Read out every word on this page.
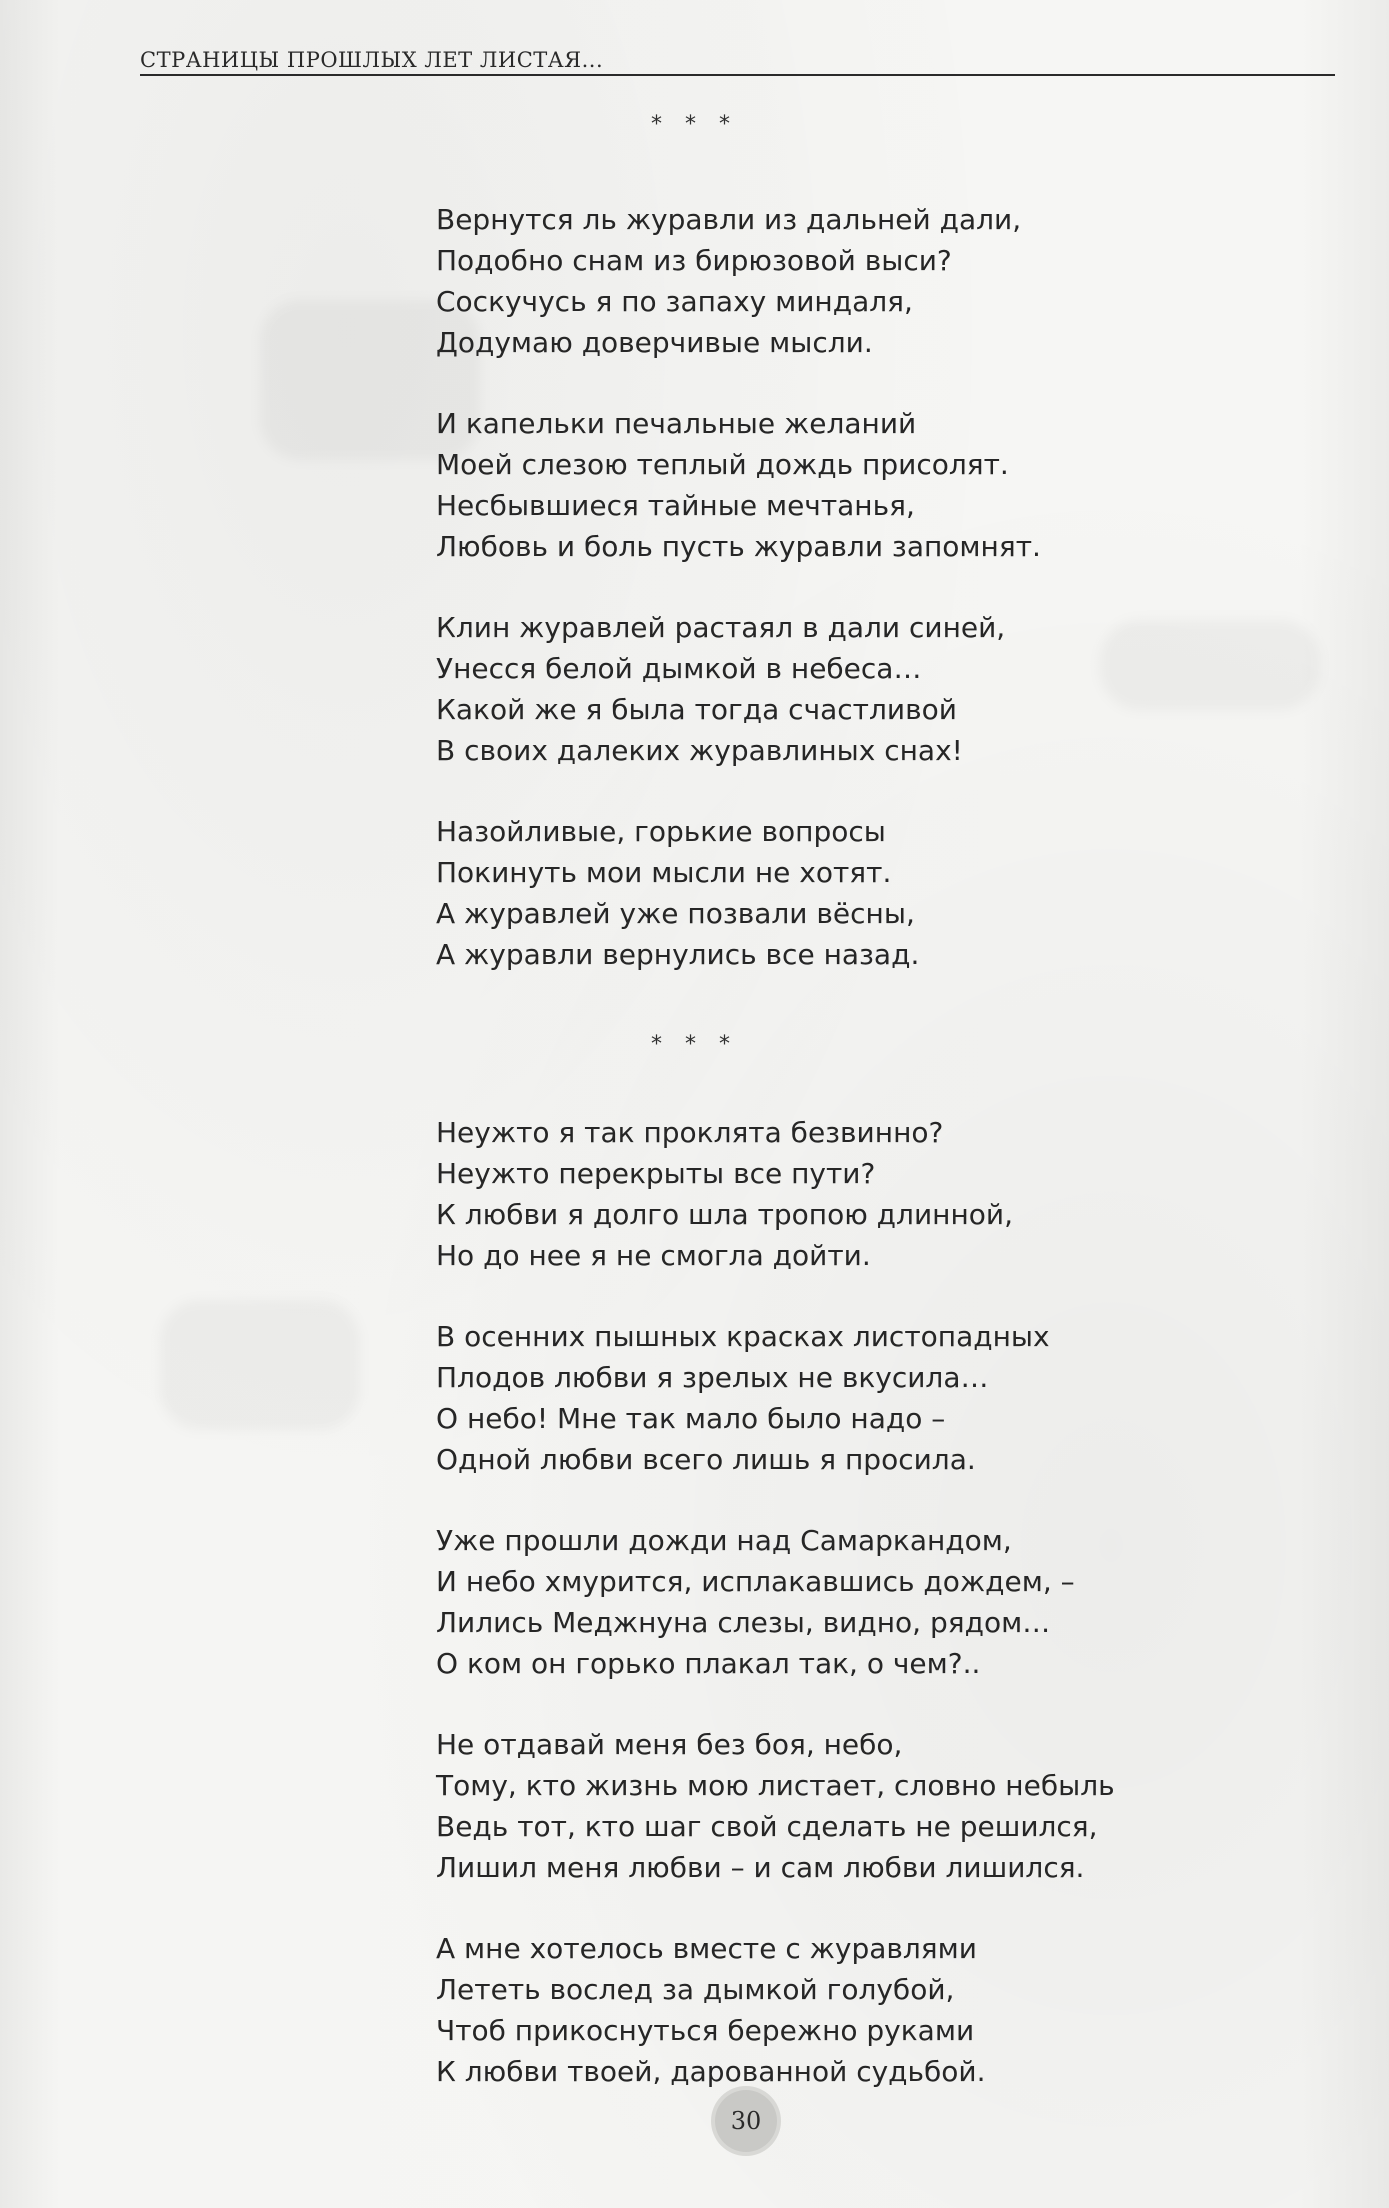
СТРАНИЦЫ ПРОШЛЫХ ЛЕТ ЛИСТАЯ...
* * *
Вернутся ль журавли из дальней дали,
Подобно снам из бирюзовой выси?
Соскучусь я по запаху миндаля,
Додумаю доверчивые мысли.
И капельки печальные желаний
Моей слезою теплый дождь присолят.
Несбывшиеся тайные мечтанья,
Любовь и боль пусть журавли запомнят.
Клин журавлей растаял в дали синей,
Унесся белой дымкой в небеса…
Какой же я была тогда счастливой
В своих далеких журавлиных снах!
Назойливые, горькие вопросы
Покинуть мои мысли не хотят.
А журавлей уже позвали вёсны,
А журавли вернулись все назад.
* * *
Неужто я так проклята безвинно?
Неужто перекрыты все пути?
К любви я долго шла тропою длинной,
Но до нее я не смогла дойти.
В осенних пышных красках листопадных
Плодов любви я зрелых не вкусила…
О небо! Мне так мало было надо –
Одной любви всего лишь я просила.
Уже прошли дожди над Самаркандом,
И небо хмурится, исплакавшись дождем, –
Лились Меджнуна слезы, видно, рядом…
О ком он горько плакал так, о чем?..
Не отдавай меня без боя, небо,
Тому, кто жизнь мою листает, словно небыль
Ведь тот, кто шаг свой сделать не решился,
Лишил меня любви – и сам любви лишился.
А мне хотелось вместе с журавлями
Лететь вослед за дымкой голубой,
Чтоб прикоснуться бережно руками
К любви твоей, дарованной судьбой.
30
